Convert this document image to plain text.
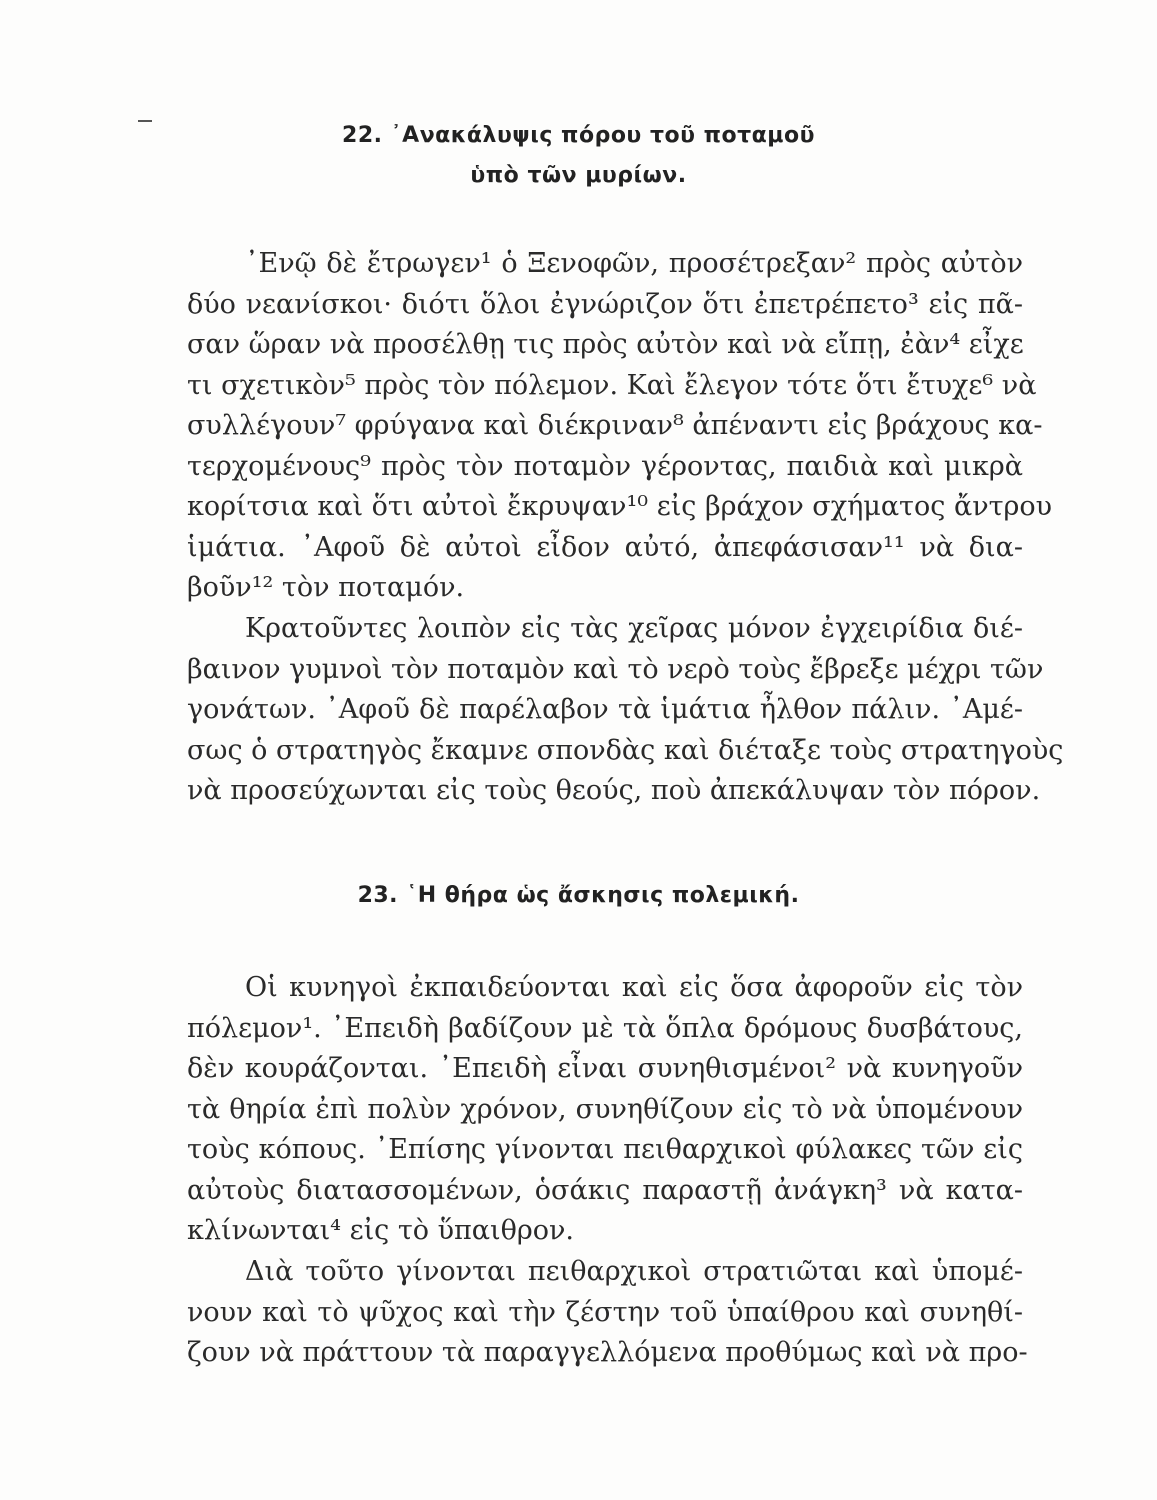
22. ᾿Ανακάλυψις πόρου τοῦ ποταμοῦ
ὑπὸ τῶν μυρίων.
᾿Ενῷ δὲ ἔτρωγεν¹ ὁ Ξενοφῶν, προσέτρεξαν² πρὸς αὐτὸν
δύο νεανίσκοι· διότι ὅλοι ἐγνώριζον ὅτι ἐπετρέπετο³ εἰς πᾶ-
σαν ὥραν νὰ προσέλθῃ τις πρὸς αὐτὸν καὶ νὰ εἴπῃ, ἐὰν⁴ εἶχε
τι σχετικὸν⁵ πρὸς τὸν πόλεμον. Καὶ ἔλεγον τότε ὅτι ἔτυχε⁶ νὰ
συλλέγουν⁷ φρύγανα καὶ διέκριναν⁸ ἀπέναντι εἰς βράχους κα-
τερχομένους⁹ πρὸς τὸν ποταμὸν γέροντας, παιδιὰ καὶ μικρὰ
κορίτσια καὶ ὅτι αὐτοὶ ἔκρυψαν¹⁰ εἰς βράχον σχήματος ἄντρου
ἱμάτια. ᾿Αφοῦ δὲ αὐτοὶ εἶδον αὐτό, ἀπεφάσισαν¹¹ νὰ δια-
βοῦν¹² τὸν ποταμόν.
Κρατοῦντες λοιπὸν εἰς τὰς χεῖρας μόνον ἐγχειρίδια διέ-
βαινον γυμνοὶ τὸν ποταμὸν καὶ τὸ νερὸ τοὺς ἔβρεξε μέχρι τῶν
γονάτων. ᾿Αφοῦ δὲ παρέλαβον τὰ ἱμάτια ἦλθον πάλιν. ᾿Αμέ-
σως ὁ στρατηγὸς ἔκαμνε σπονδὰς καὶ διέταξε τοὺς στρατηγοὺς
νὰ προσεύχωνται εἰς τοὺς θεούς, ποὺ ἀπεκάλυψαν τὸν πόρον.
23. ῾Η θήρα ὡς ἄσκησις πολεμική.
Οἱ κυνηγοὶ ἐκπαιδεύονται καὶ εἰς ὅσα ἀφοροῦν εἰς τὸν
πόλεμον¹. ᾿Επειδὴ βαδίζουν μὲ τὰ ὅπλα δρόμους δυσβάτους,
δὲν κουράζονται. ᾿Επειδὴ εἶναι συνηθισμένοι² νὰ κυνηγοῦν
τὰ θηρία ἐπὶ πολὺν χρόνον, συνηθίζουν εἰς τὸ νὰ ὑπομένουν
τοὺς κόπους. ᾿Επίσης γίνονται πειθαρχικοὶ φύλακες τῶν εἰς
αὐτοὺς διατασσομένων, ὁσάκις παραστῇ ἀνάγκη³ νὰ κατα-
κλίνωνται⁴ εἰς τὸ ὕπαιθρον.
Διὰ τοῦτο γίνονται πειθαρχικοὶ στρατιῶται καὶ ὑπομέ-
νουν καὶ τὸ ψῦχος καὶ τὴν ζέστην τοῦ ὑπαίθρου καὶ συνηθί-
ζουν νὰ πράττουν τὰ παραγγελλόμενα προθύμως καὶ νὰ προ-
